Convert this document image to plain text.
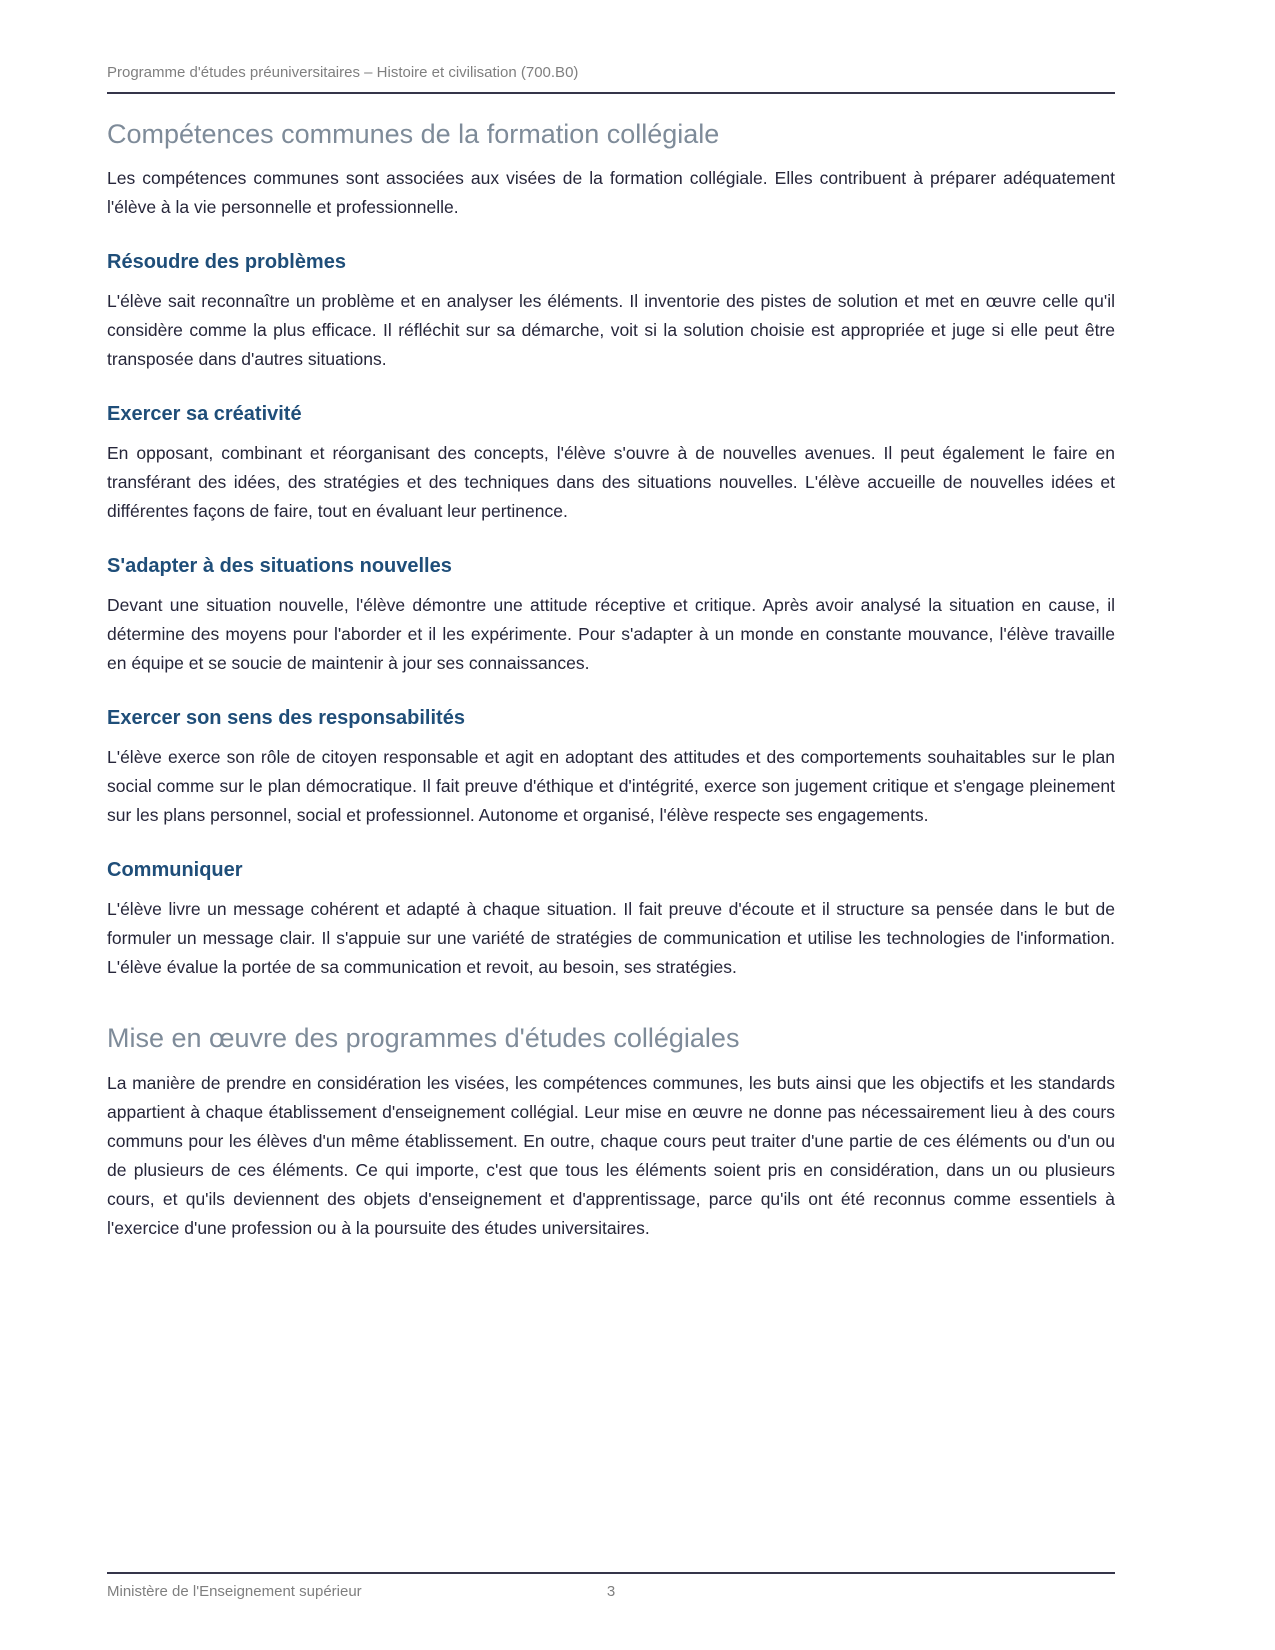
Programme d'études préuniversitaires – Histoire et civilisation (700.B0)
Compétences communes de la formation collégiale

Les compétences communes sont associées aux visées de la formation collégiale. Elles contribuent à préparer adéquatement l'élève à la vie personnelle et professionnelle.

Résoudre des problèmes

L'élève sait reconnaître un problème et en analyser les éléments. Il inventorie des pistes de solution et met en œuvre celle qu'il considère comme la plus efficace. Il réfléchit sur sa démarche, voit si la solution choisie est appropriée et juge si elle peut être transposée dans d'autres situations.

Exercer sa créativité

En opposant, combinant et réorganisant des concepts, l'élève s'ouvre à de nouvelles avenues. Il peut également le faire en transférant des idées, des stratégies et des techniques dans des situations nouvelles. L'élève accueille de nouvelles idées et différentes façons de faire, tout en évaluant leur pertinence.

S'adapter à des situations nouvelles

Devant une situation nouvelle, l'élève démontre une attitude réceptive et critique. Après avoir analysé la situation en cause, il détermine des moyens pour l'aborder et il les expérimente. Pour s'adapter à un monde en constante mouvance, l'élève travaille en équipe et se soucie de maintenir à jour ses connaissances.

Exercer son sens des responsabilités

L'élève exerce son rôle de citoyen responsable et agit en adoptant des attitudes et des comportements souhaitables sur le plan social comme sur le plan démocratique. Il fait preuve d'éthique et d'intégrité, exerce son jugement critique et s'engage pleinement sur les plans personnel, social et professionnel. Autonome et organisé, l'élève respecte ses engagements.

Communiquer

L'élève livre un message cohérent et adapté à chaque situation. Il fait preuve d'écoute et il structure sa pensée dans le but de formuler un message clair. Il s'appuie sur une variété de stratégies de communication et utilise les technologies de l'information. L'élève évalue la portée de sa communication et revoit, au besoin, ses stratégies.

Mise en œuvre des programmes d'études collégiales

La manière de prendre en considération les visées, les compétences communes, les buts ainsi que les objectifs et les standards appartient à chaque établissement d'enseignement collégial. Leur mise en œuvre ne donne pas nécessairement lieu à des cours communs pour les élèves d'un même établissement. En outre, chaque cours peut traiter d'une partie de ces éléments ou d'un ou de plusieurs de ces éléments. Ce qui importe, c'est que tous les éléments soient pris en considération, dans un ou plusieurs cours, et qu'ils deviennent des objets d'enseignement et d'apprentissage, parce qu'ils ont été reconnus comme essentiels à l'exercice d'une profession ou à la poursuite des études universitaires.

Ministère de l'Enseignement supérieur	3
